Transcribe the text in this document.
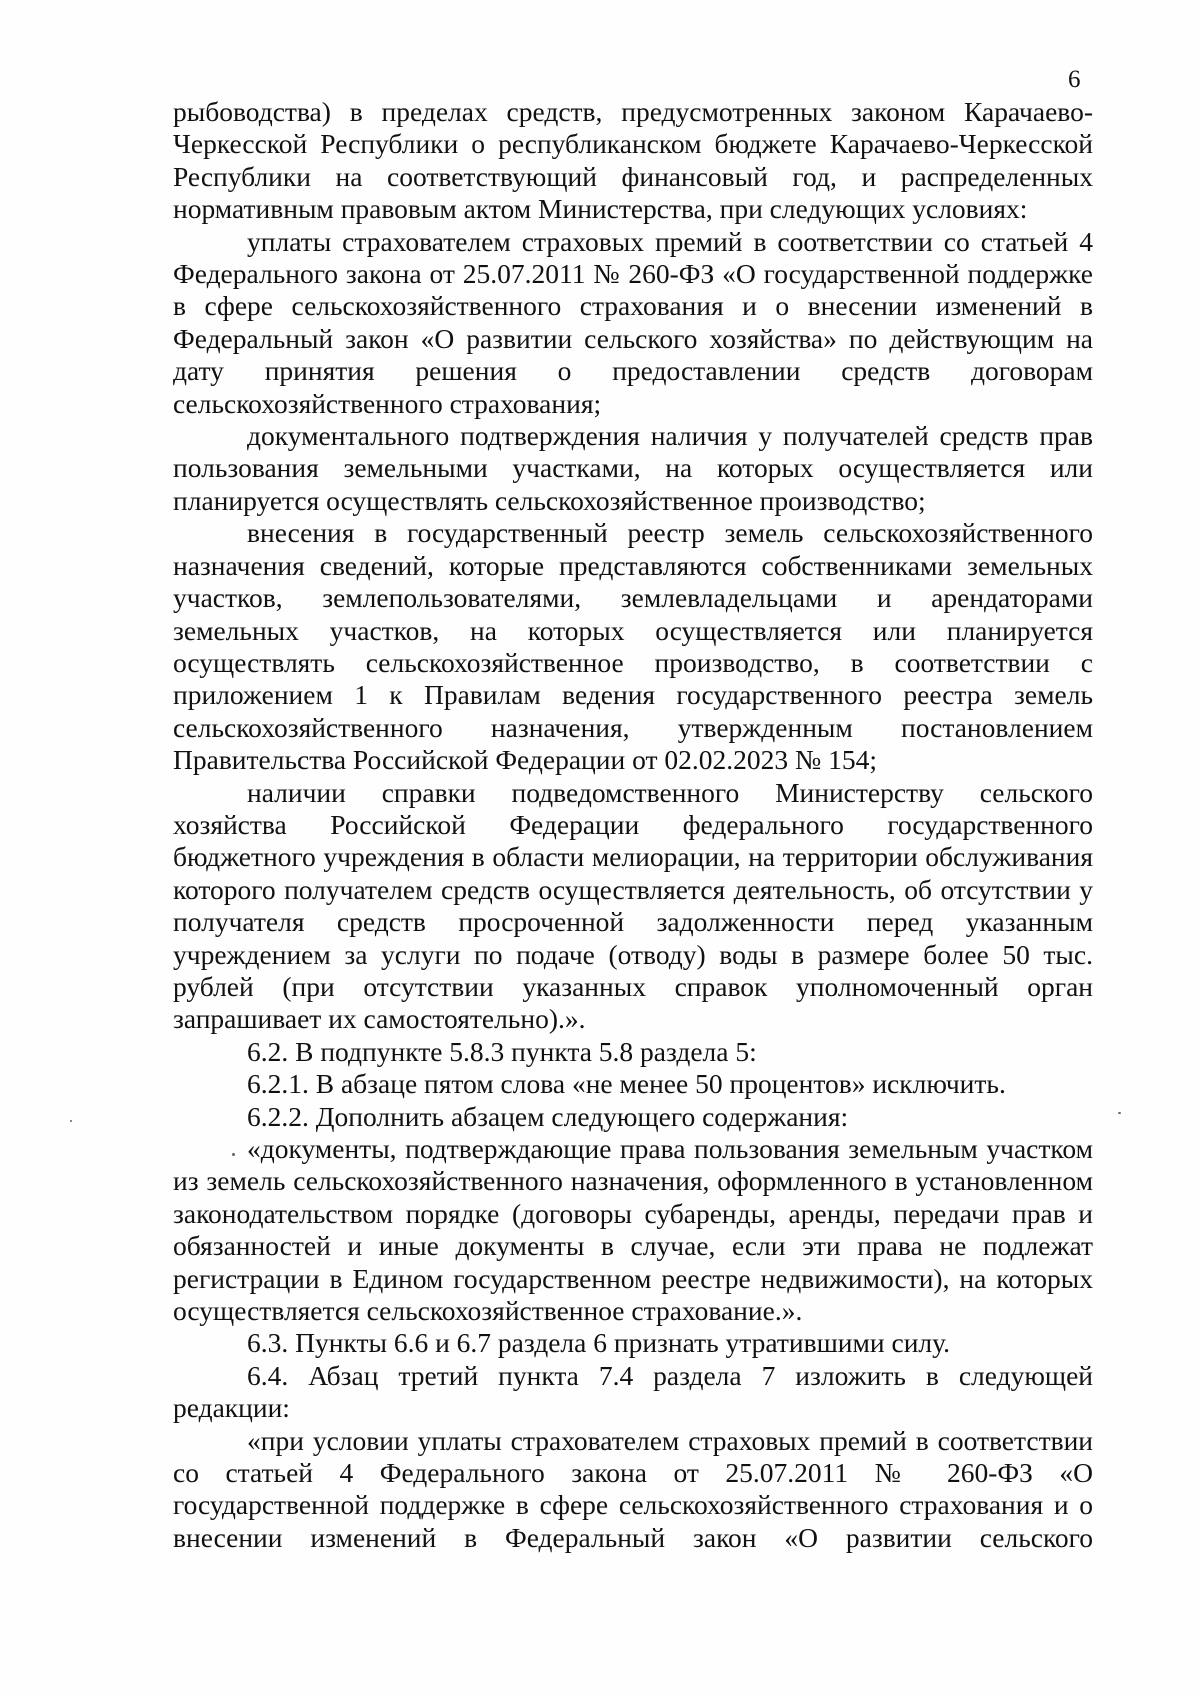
6

рыбоводства) в пределах средств, предусмотренных законом Карачаево-Черкесской Республики о республиканском бюджете Карачаево-Черкесской Республики на соответствующий финансовый год, и распределенных нормативным правовым актом Министерства, при следующих условиях:

уплаты страхователем страховых премий в соответствии со статьей 4 Федерального закона от 25.07.2011 № 260-ФЗ «О государственной поддержке в сфере сельскохозяйственного страхования и о внесении изменений в Федеральный закон «О развитии сельского хозяйства» по действующим на дату принятия решения о предоставлении средств договорам сельскохозяйственного страхования;

документального подтверждения наличия у получателей средств прав пользования земельными участками, на которых осуществляется или планируется осуществлять сельскохозяйственное производство;

внесения в государственный реестр земель сельскохозяйственного назначения сведений, которые представляются собственниками земельных участков, землепользователями, землевладельцами и арендаторами земельных участков, на которых осуществляется или планируется осуществлять сельскохозяйственное производство, в соответствии с приложением 1 к Правилам ведения государственного реестра земель сельскохозяйственного назначения, утвержденным постановлением Правительства Российской Федерации от 02.02.2023 № 154;

наличии справки подведомственного Министерству сельского хозяйства Российской Федерации федерального государственного бюджетного учреждения в области мелиорации, на территории обслуживания которого получателем средств осуществляется деятельность, об отсутствии у получателя средств просроченной задолженности перед указанным учреждением за услуги по подаче (отводу) воды в размере более 50 тыс. рублей (при отсутствии указанных справок уполномоченный орган запрашивает их самостоятельно).».

6.2. В подпункте 5.8.3 пункта 5.8 раздела 5:

6.2.1. В абзаце пятом слова «не менее 50 процентов» исключить.

6.2.2. Дополнить абзацем следующего содержания:

«документы, подтверждающие права пользования земельным участком из земель сельскохозяйственного назначения, оформленного в установленном законодательством порядке (договоры субаренды, аренды, передачи прав и обязанностей и иные документы в случае, если эти права не подлежат регистрации в Едином государственном реестре недвижимости), на которых осуществляется сельскохозяйственное страхование.».

6.3. Пункты 6.6 и 6.7 раздела 6 признать утратившими силу.

6.4. Абзац третий пункта 7.4 раздела 7 изложить в следующей редакции:

«при условии уплаты страхователем страховых премий в соответствии со статьей 4 Федерального закона от 25.07.2011 № 260-ФЗ «О государственной поддержке в сфере сельскохозяйственного страхования и о внесении изменений в Федеральный закон «О развитии сельского
